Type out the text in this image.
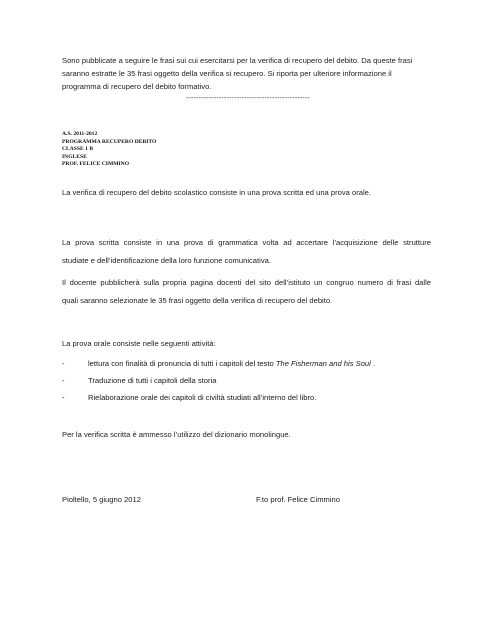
Sono pubblicate a seguire le frasi sui cui esercitarsi per la verifica di recupero del debito. Da queste frasi
saranno estratte le 35 frasi oggetto della verifica si recupero. Si riporta per ulteriore informazione il
programma di recupero del debito formativo.
-------------------------------------------------
A.S. 2011-2012
PROGRAMMA RECUPERO DEBITO
CLASSE 1 B
INGLESE
PROF. FELICE CIMMINO
La verifica di recupero del debito scolastico consiste in una prova scritta ed una prova orale.
La prova scritta consiste in una prova di grammatica volta ad accertare l’acquisizione delle strutture
studiate e dell’identificazione della loro funzione comunicativa.
Il docente pubblicherà sulla propria pagina docenti del sito dell’istituto un congruo numero di frasi dalle
quali saranno selezionate le 35 frasi oggetto della verifica di recupero del debito.
La prova orale consiste nelle seguenti attività:
-	lettura con finalità di pronuncia di tutti i capitoli del testo The Fisherman and his Soul .
-	Traduzione di tutti i capitoli della storia
-	Rielaborazione orale dei capitoli di civiltà studiati all’interno del libro.
Per la verifica scritta è ammesso l’utilizzo del dizionario monolingue.
Pioltello, 5 giugno 2012	F.to prof. Felice Cimmino
